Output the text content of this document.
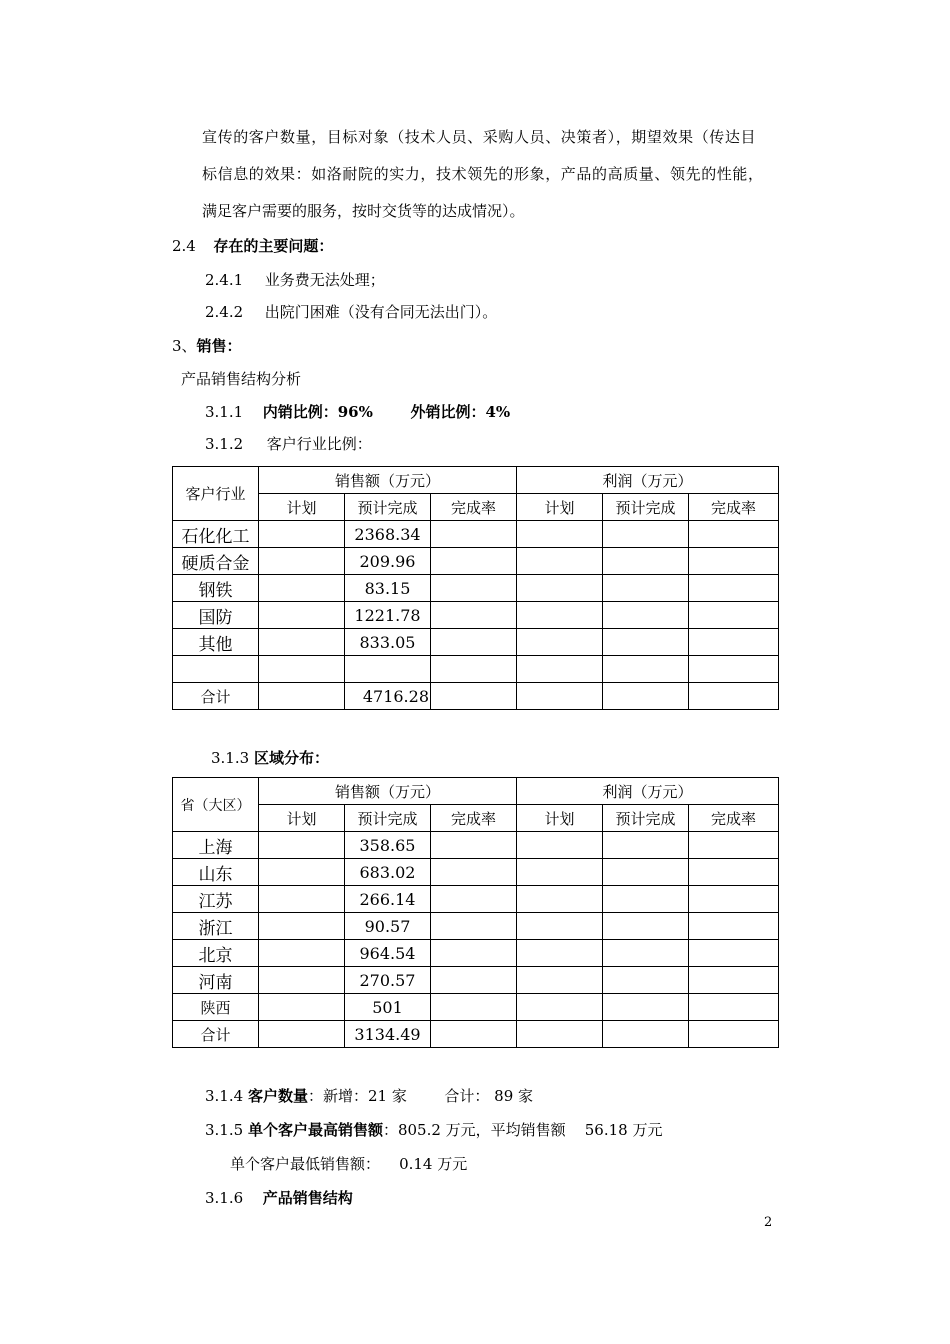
宣传的客户数量，目标对象（技术人员、采购人员、决策者），期望效果（传达目
标信息的效果：如洛耐院的实力，技术领先的形象，产品的高质量、领先的性能，
满足客户需要的服务，按时交货等的达成情况）。
2.4 存在的主要问题：
2.4.1 业务费无法处理；
2.4.2 出院门困难（没有合同无法出门）。
3、销售：
产品销售结构分析
3.1.1 内销比例：96%	外销比例：4%
3.1.2 客户行业比例：
客户行业	销售额（万元）			利润（万元）		
	计划	预计完成	完成率	计划	预计完成	完成率
石化化工		2368.34				
硬质合金		209.96				
钢铁		83.15				
国防		1221.78				
其他		833.05				

合计		4716.28				
3.1.3 区域分布：
省（大区）	销售额（万元）			利润（万元）		
	计划	预计完成	完成率	计划	预计完成	完成率
上海		358.65				
山东		683.02				
江苏		266.14				
浙江		90.57				
北京		964.54				
河南		270.57				
陕西		501				
合计		3134.49				
3.1.4 客户数量：新增：21 家	合计： 89 家
3.1.5 单个客户最高销售额：805.2 万元，平均销售额    56.18 万元
单个客户最低销售额：    0.14 万元
3.1.6 产品销售结构
2
